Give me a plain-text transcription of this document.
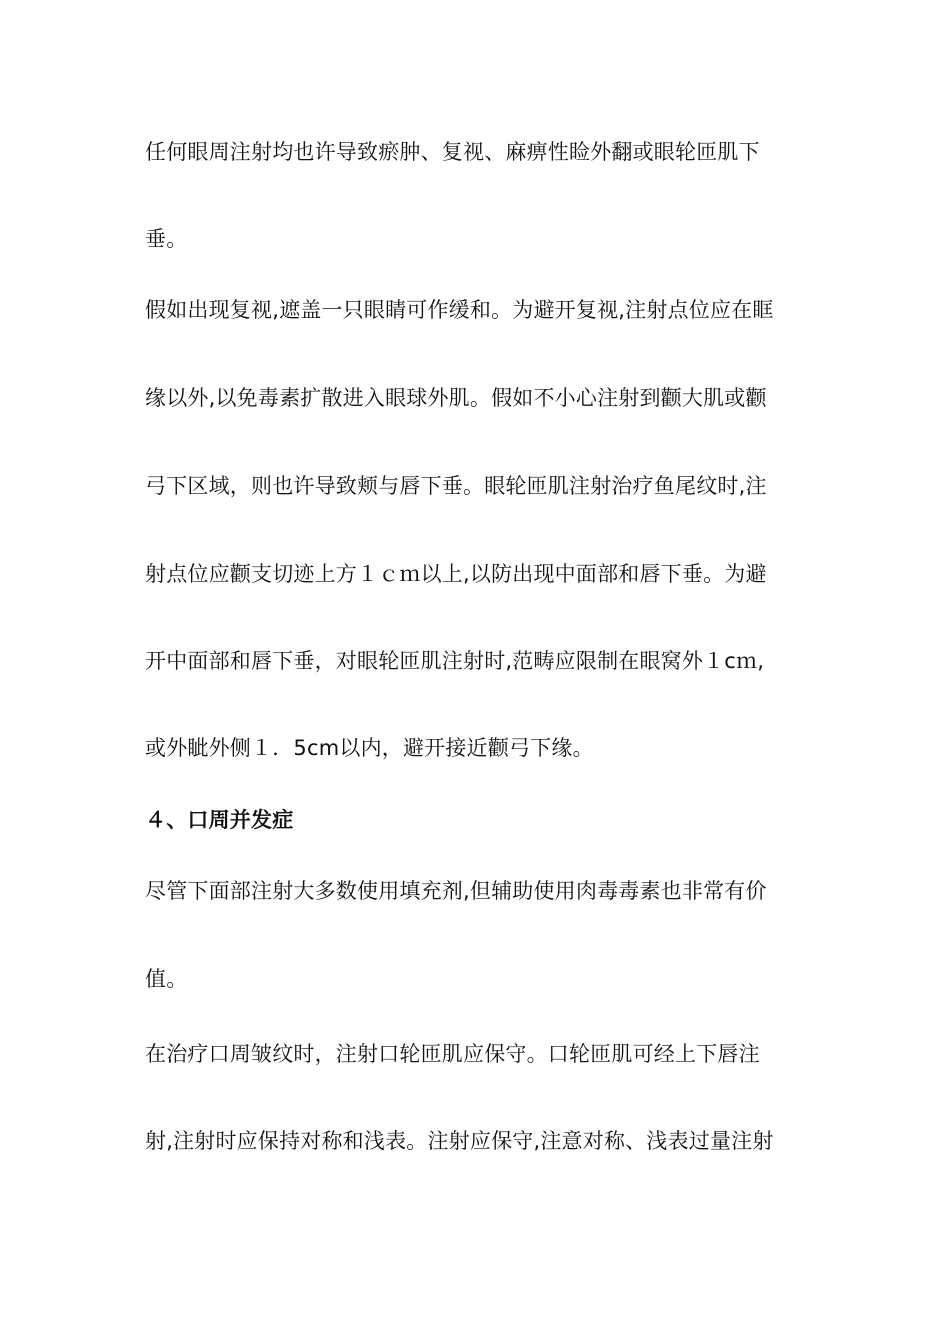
任何眼周注射均也许导致瘀肿、复视、麻痹性睑外翻或眼轮匝肌下
垂。
假如出现复视,遮盖一只眼睛可作缓和。为避开复视,注射点位应在眶
缘以外,以免毒素扩散进入眼球外肌。假如不小心注射到颧大肌或颧
弓下区域，则也许导致颊与唇下垂。眼轮匝肌注射治疗鱼尾纹时,注
射点位应颧支切迹上方１ｃｍ以上,以防出现中面部和唇下垂。为避
开中面部和唇下垂，对眼轮匝肌注射时,范畴应限制在眼窝外１cｍ,
或外眦外侧１．5cm以内，避开接近颧弓下缘。
４、口周并发症
尽管下面部注射大多数使用填充剂,但辅助使用肉毒毒素也非常有价
值。
在治疗口周皱纹时，注射口轮匝肌应保守。口轮匝肌可经上下唇注
射,注射时应保持对称和浅表。注射应保守,注意对称、浅表过量注射
